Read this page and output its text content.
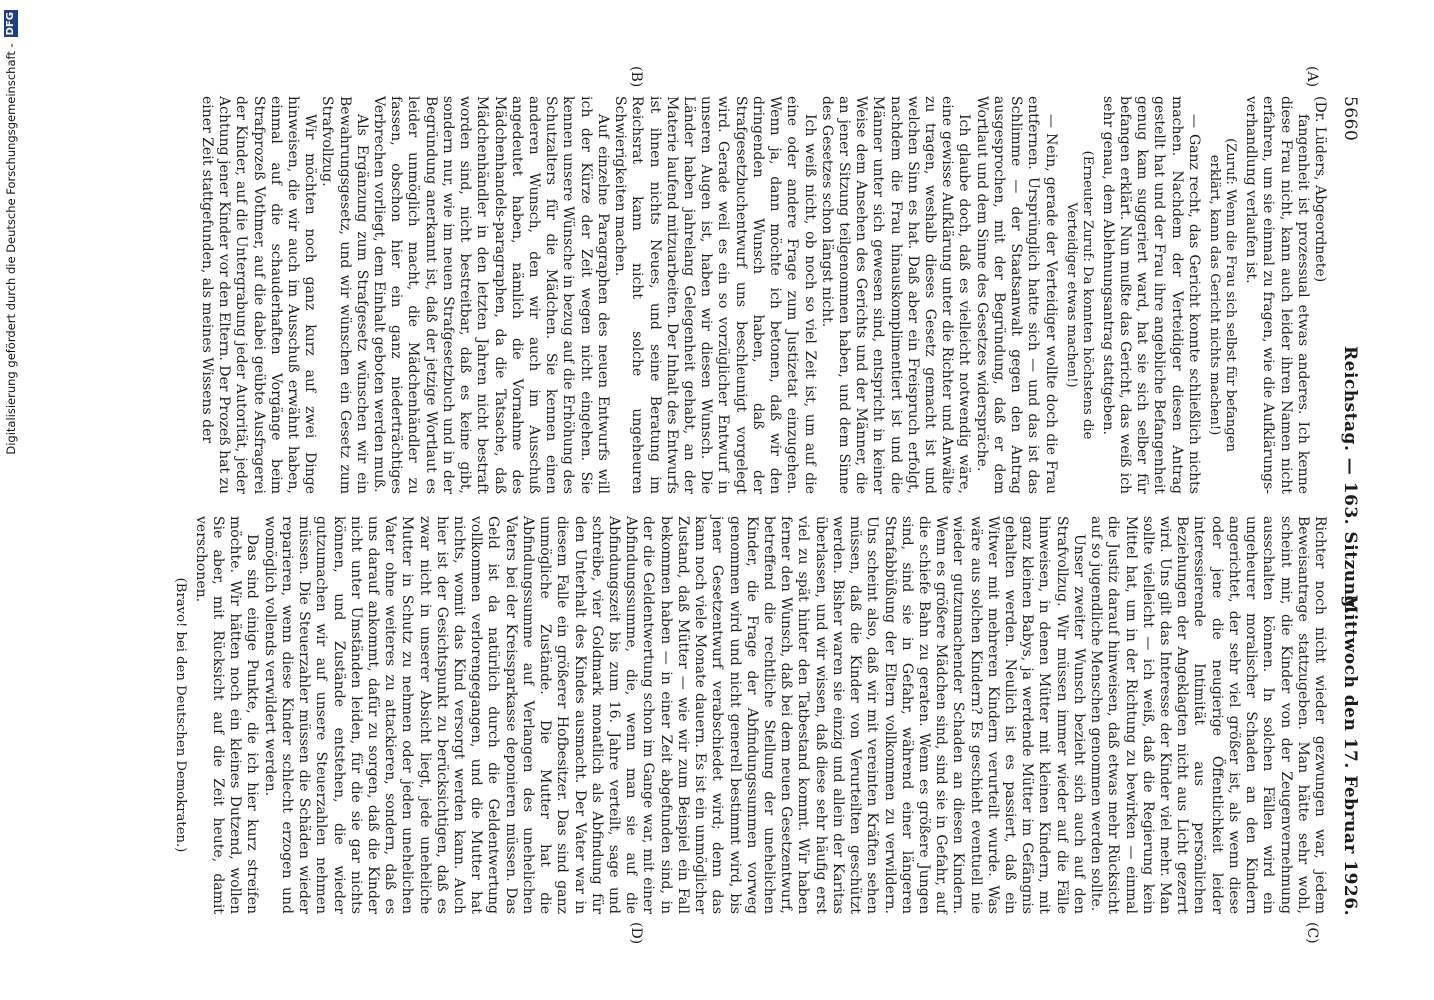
5660
Reichstag. — 163. Sitzung.
Mittwoch den 17. Februar 1926.
(A)
(B)
(C)
(D)

(Dr. Lüders, Abgeordnete)

fangenheit ist prozessual etwas anderes. Ich kenne diese Frau nicht, kann auch leider ihren Namen nicht erfahren, um sie einmal zu fragen, wie die Aufklärungs-verhandlung verlaufen ist.

(Zuruf: Wenn die Frau sich selbst für befangen erklärt, kann das Gericht nichts machen!)

— Ganz recht, das Gericht konnte schließlich nichts machen. Nachdem der Verteidiger diesen Antrag gestellt hat und der Frau ihre angebliche Befangenheit genug kam suggeriert ward, hat sie sich selber für befangen erklärt. Nun mußte das Gericht, das weiß ich sehr genau, dem Ablehnungsantrag stattgeben.

(Erneuter Zuruf: Da konnten höchstens die Verteidiger etwas machen!)

— Nein, gerade der Verteidiger wollte doch die Frau entfernen. Ursprünglich hatte sich — und das ist das Schlimme — der Staatsanwalt gegen den Antrag ausgesprochen, mit der Begründung, daß er dem Wortlaut und dem Sinne des Gesetzes widerspräche.

Ich glaube doch, daß es vielleicht notwendig wäre, eine gewisse Aufklärung unter die Richter und Anwälte zu tragen, weshalb dieses Gesetz gemacht ist und welchen Sinn es hat. Daß aber ein Freispruch erfolgt, nachdem die Frau hinauskomplimentiert ist und die Männer unter sich gewesen sind, entspricht in keiner Weise dem Ansehen des Gerichts und der Männer, die an jener Sitzung teilgenommen haben, und dem Sinne des Gesetzes schon längst nicht.

Ich weiß nicht, ob noch so viel Zeit ist, um auf die eine oder andere Frage zum Justizetat einzugehen. Wenn ja, dann möchte ich betonen, daß wir den dringenden Wunsch haben, daß der Strafgesetzbuchentwurf uns beschleunigt vorgelegt wird. Gerade weil es ein so vorzüglicher Entwurf in unseren Augen ist, haben wir diesen Wunsch. Die Länder haben jahrelang Gelegenheit gehabt, an der Materie laufend mitzuarbeiten. Der Inhalt des Entwurfs ist ihnen nichts Neues, und seine Beratung im Reichsrat kann nicht solche ungeheuren Schwierigkeiten machen.

Auf einzelne Paragraphen des neuen Entwurfs will ich der Kürze der Zeit wegen nicht eingehen. Sie kennen unsere Wünsche in bezug auf die Erhöhung des Schutzalters für die Mädchen. Sie kennen einen anderen Wunsch, den wir auch im Ausschuß angedeutet haben, nämlich die Vornahme des Mädchenhandels-paragraphen, da die Tatsache, daß Mädchenhändler in den letzten Jahren nicht bestraft worden sind, nicht bestreitbar, daß es keine gibt, sondern nur, wie im neuen Strafgesetzbuch und in der Begründung anerkannt ist, daß der jetzige Wortlaut es leider unmöglich macht, die Mädchenhändler zu fassen, obschon hier ein ganz niederträchtiges Verbrechen vorliegt, dem Einhalt geboten werden muß.

Als Ergänzung zum Strafgesetz wünschen wir ein Bewahrungsgesetz, und wir wünschen ein Gesetz zum Strafvollzug.

Wir möchten noch ganz kurz auf zwei Dinge hinweisen, die wir auch im Ausschuß erwähnt haben, einmal auf die schauderhaften Vorgänge beim Strafprozeß Vothmer, auf die dabei geübte Ausfragerei der Kinder, auf die Untergrabung jeder Autorität, jeder Achtung jener Kinder vor den Eltern. Der Prozeß hat zu einer Zeit stattgefunden, als meines Wissens der

Richter noch nicht wieder gezwungen war, jedem Beweisantrage stattzugeben. Man hätte sehr wohl, scheint mir, die Kinder von der Zeugenvernehmung ausschalten können. In solchen Fällen wird ein ungeheurer moralischer Schaden an den Kindern angerichtet, der sehr viel größer ist, als wenn diese oder jene die neugierige Öffentlichkeit leider interessierende Intimität aus persönlichen Beziehungen der Angeklagten nicht aus Licht gezerrt wird. Uns gilt das Interesse der Kinder viel mehr. Man sollte vielleicht — ich weiß, daß die Regierung kein Mittel hat, um in der Richtung zu bewirken — einmal die Justiz darauf hinweisen, daß etwas mehr Rücksicht auf so jugendliche Menschen genommen werden sollte.

Unser zweiter Wunsch bezieht sich auch auf den Strafvollzug. Wir müssen immer wieder auf die Fälle hinweisen, in denen Mütter mit kleinen Kindern, mit ganz kleinen Babys, ja werdende Mütter im Gefängnis gehalten werden. Neulich ist es passiert, daß ein Witwer mit mehreren Kindern verurteilt wurde. Was wäre aus solchen Kindern? Es geschieht eventuell nie wieder gutzumachender Schaden an diesen Kindern. Wenn es größere Mädchen sind, sind sie in Gefahr, auf die schiefe Bahn zu geraten. Wenn es größere Jungen sind, sind sie in Gefahr, während einer längeren Strafabbüßung der Eltern vollkommen zu verwildern. Uns scheint also, daß wir mit vereinten Kräften sehen müssen, daß die Kinder von Verurteilten geschützt werden. Bisher waren sie einzig und allein der Karitas überlassen, und wir wissen, daß diese sehr häufig erst viel zu spät hinter den Tatbestand kommt. Wir haben ferner den Wunsch, daß bei dem neuen Gesetzentwurf, betreffend die rechtliche Stellung der unehelichen Kinder, die Frage der Abfindungssummen vorweg genommen wird und nicht generell bestimmt wird, bis jener Gesetzentwurf verabschiedet wird; denn das kann noch viele Monate dauern. Es ist ein unmöglicher Zustand, daß Mütter — wie wir zum Beispiel ein Fall bekommen haben — in einer Zeit abgefunden sind, in der die Geldentwertung schon im Gange war, mit einer Abfindungssumme, die, wenn man sie auf die Abfindungszeit bis zum 16. Jahre verteilt, sage und schreibe, vier Goldmark monatlich als Abfindung für den Unterhalt des Kindes ausmacht. Der Vater war in diesem Falle ein größerer Hofbesitzer. Das sind ganz unmögliche Zustände. Die Mutter hat die Abfindungssumme auf Verlangen des unehelichen Vaters bei der Kreissparkasse deponieren müssen. Das Geld ist da natürlich durch die Geldentwertung vollkommen verlorengegangen, und die Mutter hat nichts, womit das Kind versorgt werden kann. Auch hier ist der Gesichtspunkt zu berücksichtigen, daß es zwar nicht in unserer Absicht liegt, jede uneheliche Mutter in Schutz zu nehmen oder jeden unehelichen Vater ohne weiteres zu attackieren, sondern, daß es uns darauf ankommt, dafür zu sorgen, daß die Kinder nicht unter Umständen leiden, für die sie gar nichts können, und Zustände entstehen, die wieder gutzumachen wir auf unsere Steuerzahlen nehmen müssen. Die Steuerzahler müssen die Schäden wieder reparieren, wenn diese Kinder schlecht erzogen und womöglich vollends verwildert werden.

Das sind einige Punkte, die ich hier kurz streifen möchte. Wir hätten noch ein kleines Dutzend, wollen Sie aber, mit Rücksicht auf die Zeit heute, damit verschonen.

(Bravo! bei den Deutschen Demokraten.)

Digitalisierung gefördert durch die Deutsche Forschungsgemeinschaft -
DFG
